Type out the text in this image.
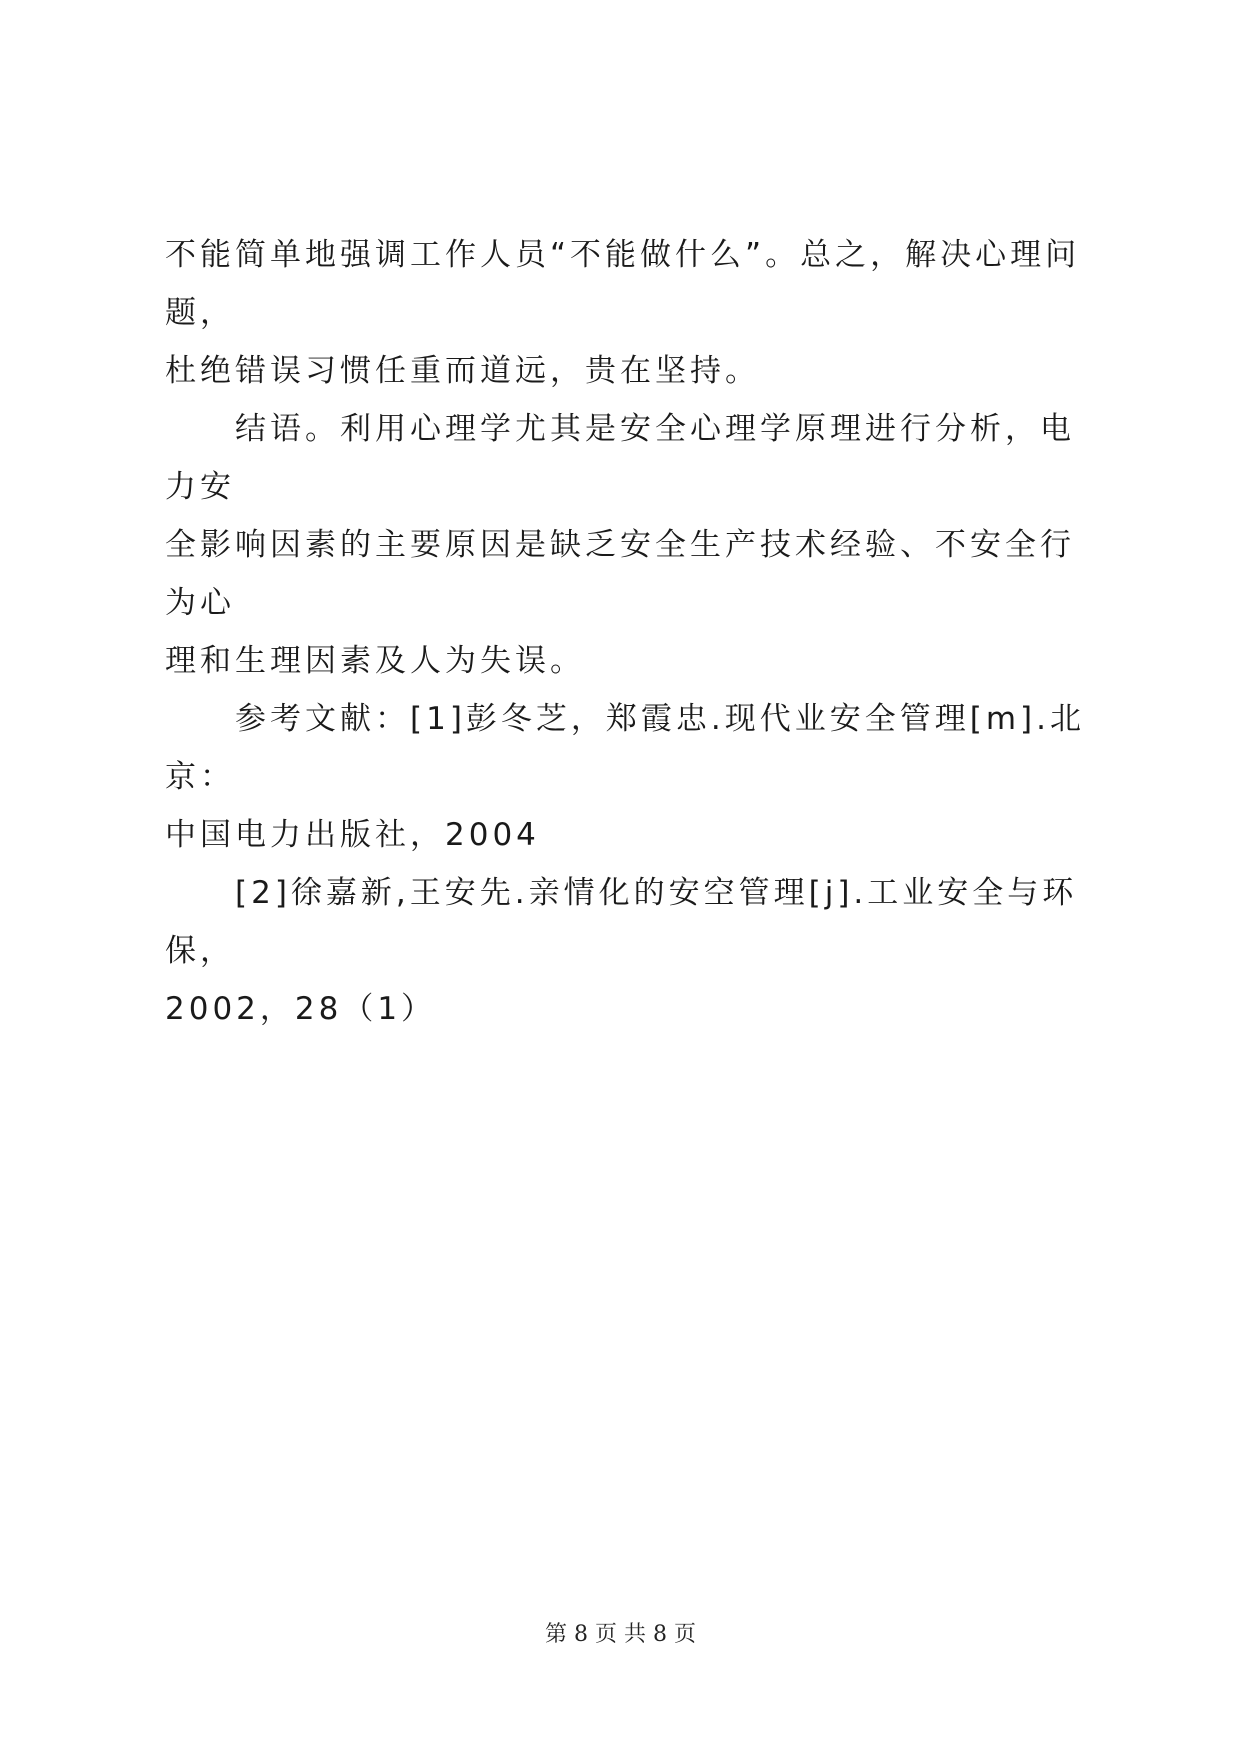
不能简单地强调工作人员“不能做什么”。总之，解决心理问题，
杜绝错误习惯任重而道远，贵在坚持。

结语。利用心理学尤其是安全心理学原理进行分析，电力安
全影响因素的主要原因是缺乏安全生产技术经验、不安全行为心
理和生理因素及人为失误。

参考文献：[1]彭冬芝，郑霞忠.现代业安全管理[m].北京：
中国电力出版社，2004

[2]徐嘉新,王安先.亲情化的安空管理[j].工业安全与环保，
2002，28（1）

第 8 页 共 8 页
